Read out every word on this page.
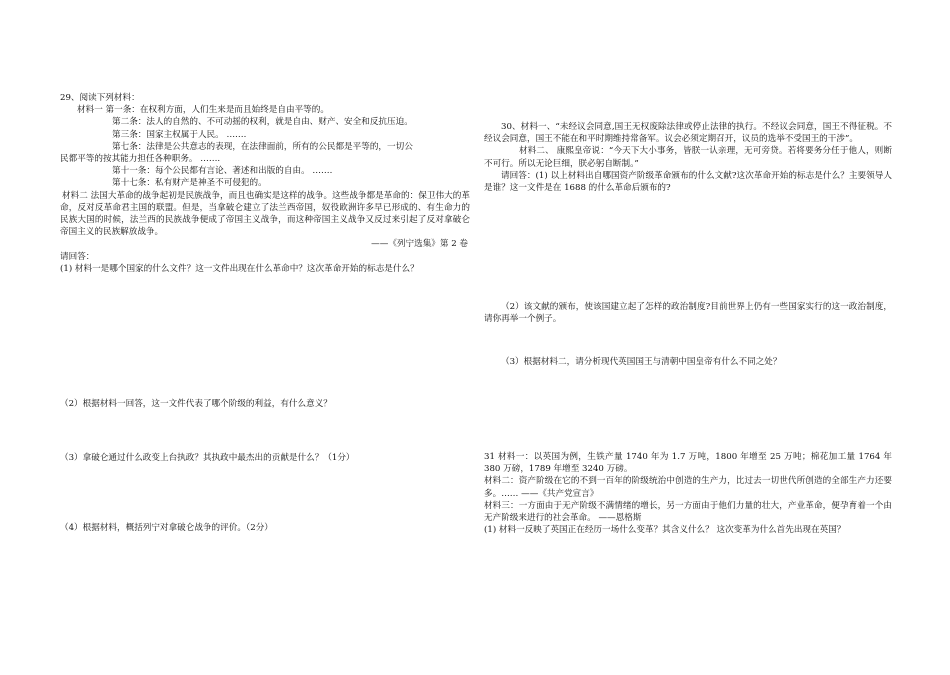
29、阅读下列材料：

材料一 第一条：在权利方面，人们生来是而且始终是自由平等的。

第二条：法人的自然的、不可动摇的权利，就是自由、财产、安全和反抗压迫。

第三条：国家主权属于人民。 …….

第七条：法律是公共意志的表现，在法律面前，所有的公民都是平等的，一切公

民都平等的按其能力担任各种职务。 …….

第十一条：每个公民都有言论、著述和出版的自由。 …….

第十七条：私有财产是神圣不可侵犯的。

材料二 法国大革命的战争起初是民族战争，而且也确实是这样的战争。这些战争都是革命的：保卫伟大的革命，反对反革命君主国的联盟。但是，当拿破仑建立了法兰西帝国，奴役欧洲许多早已形成的、有生命力的民族大国的时候，法兰西的民族战争便成了帝国主义战争，而这种帝国主义战争又反过来引起了反对拿破仑帝国主义的民族解放战争。

——《列宁选集》第 2 卷

请回答：

(1) 材料一是哪个国家的什么文件？这一文件出现在什么革命中？这次革命开始的标志是什么？

（2）根据材料一回答，这一文件代表了哪个阶级的利益，有什么意义？

（3）拿破仑通过什么政变上台执政？其执政中最杰出的贡献是什么？（1分）

（4）根据材料，概括列宁对拿破仑战争的评价。（2分）

30、材料一、“未经议会同意,国王无权废除法律或停止法律的执行。不经议会同意，国王不得征税。不经议会同意，国王不能在和平时期维持常备军。议会必须定期召开，议员的选举不受国王的干涉”。

材料二、 康熙皇帝说：“今天下大小事务，皆朕一认亲理，无可旁贷。若将要务分任于他人，则断不可行。所以无论巨细，朕必躬自断制。”

请回答：(1) 以上材料出自哪国资产阶级革命颁布的什么文献?这次革命开始的标志是什么？主要领导人是谁？这一文件是在 1688 的什么革命后颁布的?

（2）该文献的颁布，使该国建立起了怎样的政治制度?目前世界上仍有一些国家实行的这一政治制度，请你再举一个例子。

（3）根据材料二，请分析现代英国国王与清朝中国皇帝有什么不同之处？

31 材料一：以英国为例，生铁产量 1740 年为 1.7 万吨，1800 年增至 25 万吨；棉花加工量 1764 年 380 万磅，1789 年增至 3240 万磅。

材料二：资产阶级在它的不到一百年的阶级统治中创造的生产力，比过去一切世代所创造的全部生产力还要多。…… ——《共产党宣言》

材料三：一方面由于无产阶级不满情绪的增长，另一方面由于他们力量的壮大，产业革命，便孕育着一个由无产阶级来进行的社会革命。 ——恩格斯

(1) 材料一反映了英国正在经历一场什么变革？其含义什么？ 这次变革为什么首先出现在英国？
